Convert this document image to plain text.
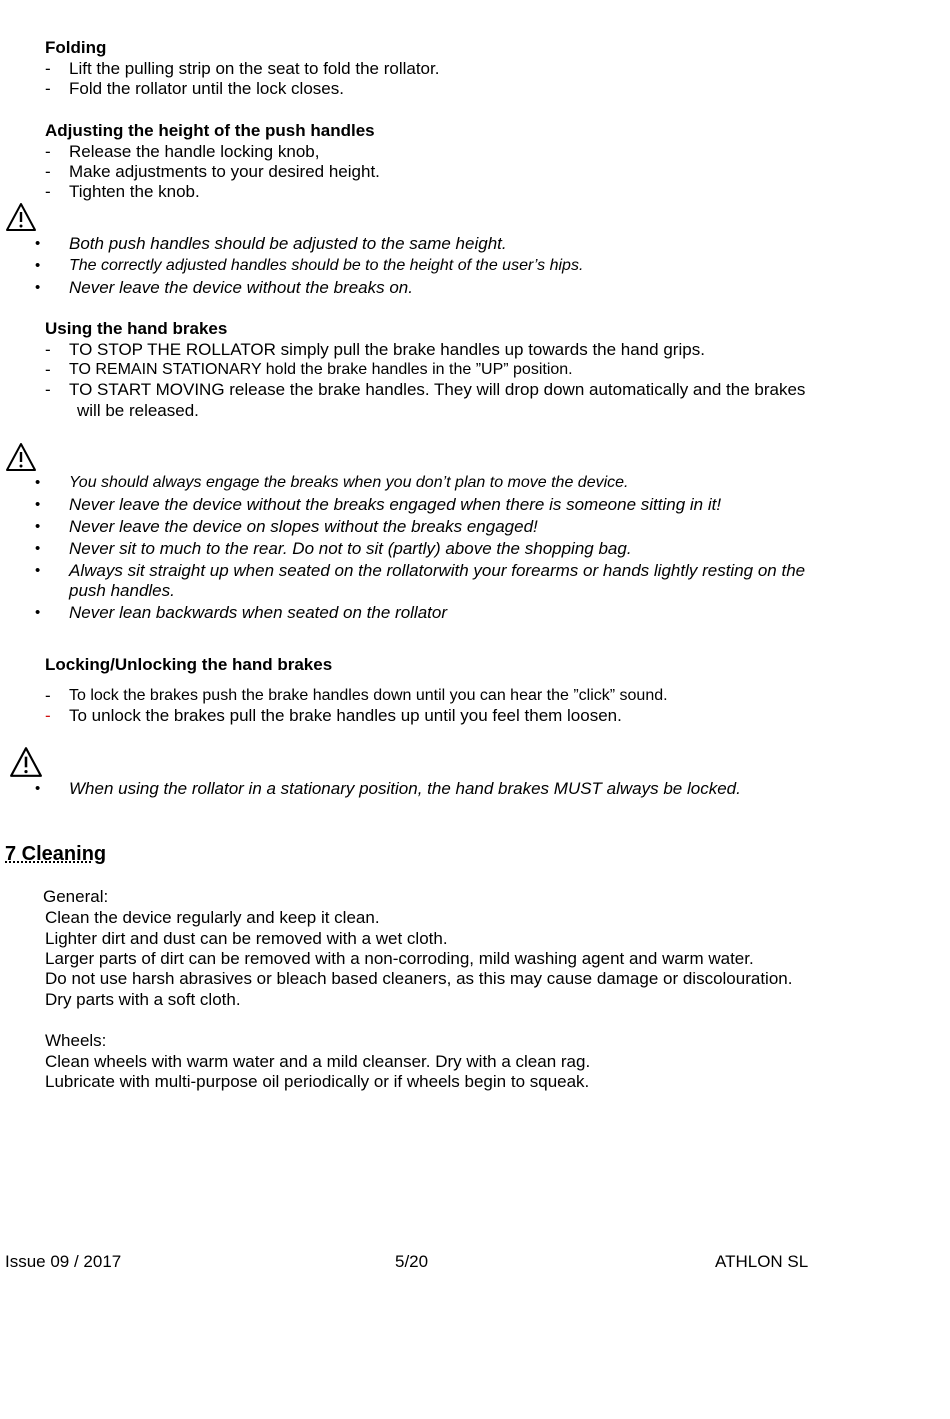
Folding
- Lift the pulling strip on the seat to fold the rollator.
- Fold the rollator until the lock closes.
Adjusting the height of the push handles
- Release the handle locking knob,
- Make adjustments to your desired height.
- Tighten the knob.
• Both push handles should be adjusted to the same height.
• The correctly adjusted handles should be to the height of the user’s hips.
• Never leave the device without the breaks on.
Using the hand brakes
- TO STOP THE ROLLATOR simply pull the brake handles up towards the hand grips.
- TO REMAIN STATIONARY hold the brake handles in the ”UP” position.
- TO START MOVING release the brake handles. They will drop down automatically and the brakes
will be released.
• You should always engage the breaks when you don’t plan to move the device.
• Never leave the device without the breaks engaged when there is someone sitting in it!
• Never leave the device on slopes without the breaks engaged!
• Never sit to much to the rear. Do not to sit (partly) above the shopping bag.
• Always sit straight up when seated on the rollatorwith your forearms or hands lightly resting on the
push handles.
• Never lean backwards when seated on the rollator
Locking/Unlocking the hand brakes
- To lock the brakes push the brake handles down until you can hear the ”click” sound.
- To unlock the brakes pull the brake handles up until you feel them loosen.
• When using the rollator in a stationary position, the hand brakes MUST always be locked.
7 Cleaning
General:
Clean the device regularly and keep it clean.
Lighter dirt and dust can be removed with a wet cloth.
Larger parts of dirt can be removed with a non-corroding, mild washing agent and warm water.
Do not use harsh abrasives or bleach based cleaners, as this may cause damage or discolouration.
Dry parts with a soft cloth.
Wheels:
Clean wheels with warm water and a mild cleanser. Dry with a clean rag.
Lubricate with multi-purpose oil periodically or if wheels begin to squeak.
Issue 09 / 2017	5/20	ATHLON SL
